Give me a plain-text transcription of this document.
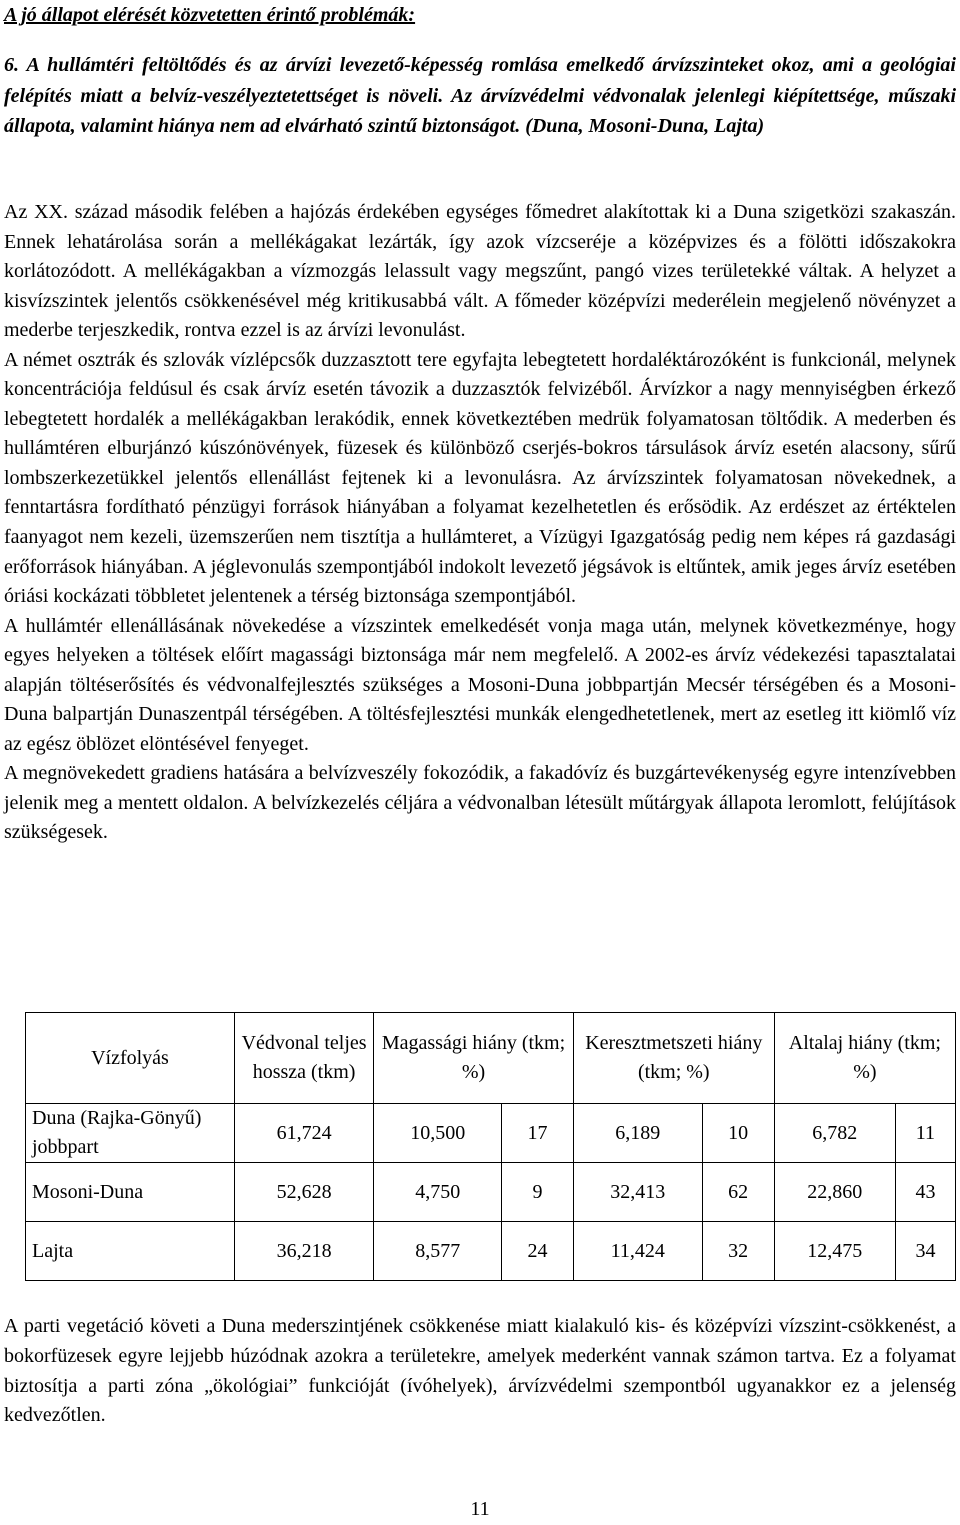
A jó állapot elérését közvetetten érintő problémák:
6. A hullámtéri feltöltődés és az árvízi levezető-képesség romlása emelkedő árvízszinteket okoz, ami a geológiai felépítés miatt a belvíz-veszélyeztetettséget is növeli. Az árvízvédelmi védvonalak jelenlegi kiépítettsége, műszaki állapota, valamint hiánya nem ad elvárható szintű biztonságot. (Duna, Mosoni-Duna, Lajta)

Az XX. század második felében a hajózás érdekében egységes főmedret alakítottak ki a Duna szigetközi szakaszán. Ennek lehatárolása során a mellékágakat lezárták, így azok vízcseréje a középvizes és a fölötti időszakokra korlátozódott. A mellékágakban a vízmozgás lelassult vagy megszűnt, pangó vizes területekké váltak. A helyzet a kisvízszintek jelentős csökkenésével még kritikusabbá vált. A főmeder középvízi mederélein megjelenő növényzet a mederbe terjeszkedik, rontva ezzel is az árvízi levonulást.

A német osztrák és szlovák vízlépcsők duzzasztott tere egyfajta lebegtetett hordaléktározóként is funkcionál, melynek koncentrációja feldúsul és csak árvíz esetén távozik a duzzasztók felvizéből. Árvízkor a nagy mennyiségben érkező lebegtetett hordalék a mellékágakban lerakódik, ennek következtében medrük folyamatosan töltődik. A mederben és hullámtéren elburjánzó kúszónövények, füzesek és különböző cserjés-bokros társulások árvíz esetén alacsony, sűrű lombszerkezetükkel jelentős ellenállást fejtenek ki a levonulásra. Az árvízszintek folyamatosan növekednek, a fenntartásra fordítható pénzügyi források hiányában a folyamat kezelhetetlen és erősödik. Az erdészet az értéktelen faanyagot nem kezeli, üzemszerűen nem tisztítja a hullámteret, a Vízügyi Igazgatóság pedig nem képes rá gazdasági erőforrások hiányában. A jéglevonulás szempontjából indokolt levezető jégsávok is eltűntek, amik jeges árvíz esetében óriási kockázati többletet jelentenek a térség biztonsága szempontjából.

A hullámtér ellenállásának növekedése a vízszintek emelkedését vonja maga után, melynek következménye, hogy egyes helyeken a töltések előírt magassági biztonsága már nem megfelelő. A 2002-es árvíz védekezési tapasztalatai alapján töltéserősítés és védvonalfejlesztés szükséges a Mosoni-Duna jobbpartján Mecsér térségében és a Mosoni-Duna balpartján Dunaszentpál térségében. A töltésfejlesztési munkák elengedhetetlenek, mert az esetleg itt kiömlő víz az egész öblözet elöntésével fenyeget.

A megnövekedett gradiens hatására a belvízveszély fokozódik, a fakadóvíz és buzgártevékenység egyre intenzívebben jelenik meg a mentett oldalon. A belvízkezelés céljára a védvonalban létesült műtárgyak állapota leromlott, felújítások szükségesek.

Vízfolyás	Védvonal teljes hossza (tkm)	Magassági hiány (tkm; %)		Keresztmetszeti hiány (tkm; %)		Altalaj hiány (tkm; %)	
Duna (Rajka-Gönyű) jobbpart	61,724	10,500	17	6,189	10	6,782	11
Mosoni-Duna	52,628	4,750	9	32,413	62	22,860	43
Lajta	36,218	8,577	24	11,424	32	12,475	34
A parti vegetáció követi a Duna mederszintjének csökkenése miatt kialakuló kis- és középvízi vízszint-csökkenést, a bokorfüzesek egyre lejjebb húzódnak azokra a területekre, amelyek mederként vannak számon tartva. Ez a folyamat biztosítja a parti zóna „ökológiai” funkcióját (ívóhelyek), árvízvédelmi szempontból ugyanakkor ez a jelenség kedvezőtlen.
11
